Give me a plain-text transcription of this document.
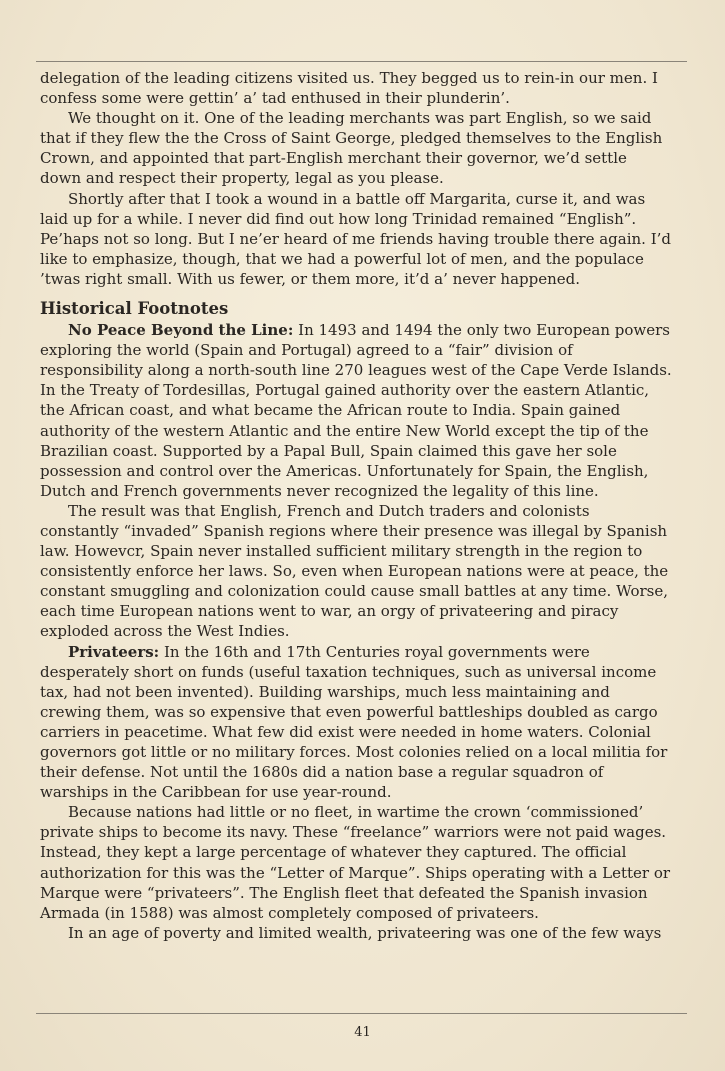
delegation of the leading citizens visited us. They begged us to rein-in our men. I confess some were gettin’ a’ tad enthused in their plunderin’.

We thought on it. One of the leading merchants was part English, so we said that if they flew the the Cross of Saint George, pledged themselves to the English Crown, and appointed that part-English merchant their governor, we’d settle down and respect their property, legal as you please.

Shortly after that I took a wound in a battle off Margarita, curse it, and was laid up for a while. I never did find out how long Trinidad remained “English”. Pe’haps not so long. But I ne’er heard of me friends having trouble there again. I’d like to emphasize, though, that we had a powerful lot of men, and the populace ’twas right small. With us fewer, or them more, it’d a’ never happened.

Historical Footnotes

No Peace Beyond the Line: In 1493 and 1494 the only two European powers exploring the world (Spain and Portugal) agreed to a “fair” division of responsibility along a north-south line 270 leagues west of the Cape Verde Islands. In the Treaty of Tordesillas, Portugal gained authority over the eastern Atlantic, the African coast, and what became the African route to India. Spain gained authority of the western Atlantic and the entire New World except the tip of the Brazilian coast. Supported by a Papal Bull, Spain claimed this gave her sole possession and control over the Americas. Unfortunately for Spain, the English, Dutch and French governments never recognized the legality of this line.

The result was that English, French and Dutch traders and colonists constantly “invaded” Spanish regions where their presence was illegal by Spanish law. Howevcr, Spain never installed sufficient military strength in the region to consistently enforce her laws. So, even when European nations were at peace, the constant smuggling and colonization could cause small battles at any time. Worse, each time European nations went to war, an orgy of privateering and piracy exploded across the West Indies.

Privateers: In the 16th and 17th Centuries royal governments were desperately short on funds (useful taxation techniques, such as universal income tax, had not been invented). Building warships, much less maintaining and crewing them, was so expensive that even powerful battleships doubled as cargo carriers in peacetime. What few did exist were needed in home waters. Colonial governors got little or no military forces. Most colonies relied on a local militia for their defense. Not until the 1680s did a nation base a regular squadron of warships in the Caribbean for use year-round.

Because nations had little or no fleet, in wartime the crown ‘commissioned’ private ships to become its navy. These “freelance” warriors were not paid wages. Instead, they kept a large percentage of whatever they captured. The official authorization for this was the “Letter of Marque”. Ships operating with a Letter or Marque were “privateers”. The English fleet that defeated the Spanish invasion Armada (in 1588) was almost completely composed of privateers.

In an age of poverty and limited wealth, privateering was one of the few ways

41
